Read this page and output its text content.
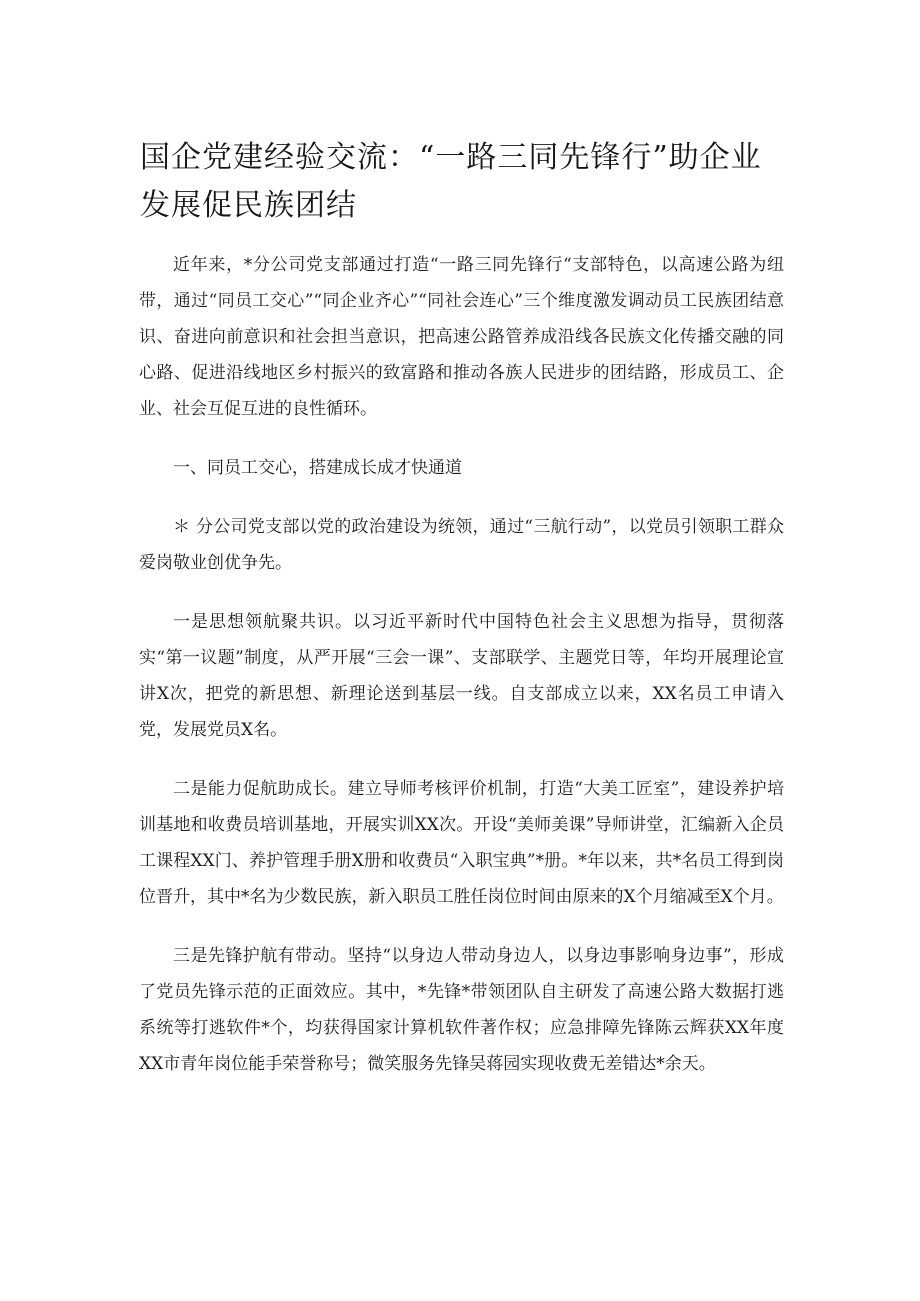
国企党建经验交流：“一路三同先锋行”助企业发展促民族团结

近年来，*分公司党支部通过打造“一路三同先锋行“支部特色，以高速公路为纽带，通过“同员工交心”“同企业齐心”“同社会连心”三个维度激发调动员工民族团结意识、奋进向前意识和社会担当意识，把高速公路管养成沿线各民族文化传播交融的同心路、促进沿线地区乡村振兴的致富路和推动各族人民进步的团结路，形成员工、企业、社会互促互进的良性循环。

一、同员工交心，搭建成长成才快通道

＊ 分公司党支部以党的政治建设为统领，通过“三航行动”，以党员引领职工群众爱岗敬业创优争先。

一是思想领航聚共识。以习近平新时代中国特色社会主义思想为指导，贯彻落实“第一议题”制度，从严开展“三会一课”、支部联学、主题党日等，年均开展理论宣讲X次，把党的新思想、新理论送到基层一线。自支部成立以来，XX名员工申请入党，发展党员X名。

二是能力促航助成长。建立导师考核评价机制，打造“大美工匠室”，建设养护培训基地和收费员培训基地，开展实训XX次。开设“美师美课”导师讲堂，汇编新入企员工课程XX门、养护管理手册X册和收费员“入职宝典”*册。*年以来，共*名员工得到岗位晋升，其中*名为少数民族，新入职员工胜任岗位时间由原来的X个月缩减至X个月。

三是先锋护航有带动。坚持“以身边人带动身边人，以身边事影响身边事”，形成了党员先锋示范的正面效应。其中，*先锋*带领团队自主研发了高速公路大数据打逃系统等打逃软件*个，均获得国家计算机软件著作权；应急排障先锋陈云辉获XX年度XX市青年岗位能手荣誉称号；微笑服务先锋吴蒋园实现收费无差错达*余天。
